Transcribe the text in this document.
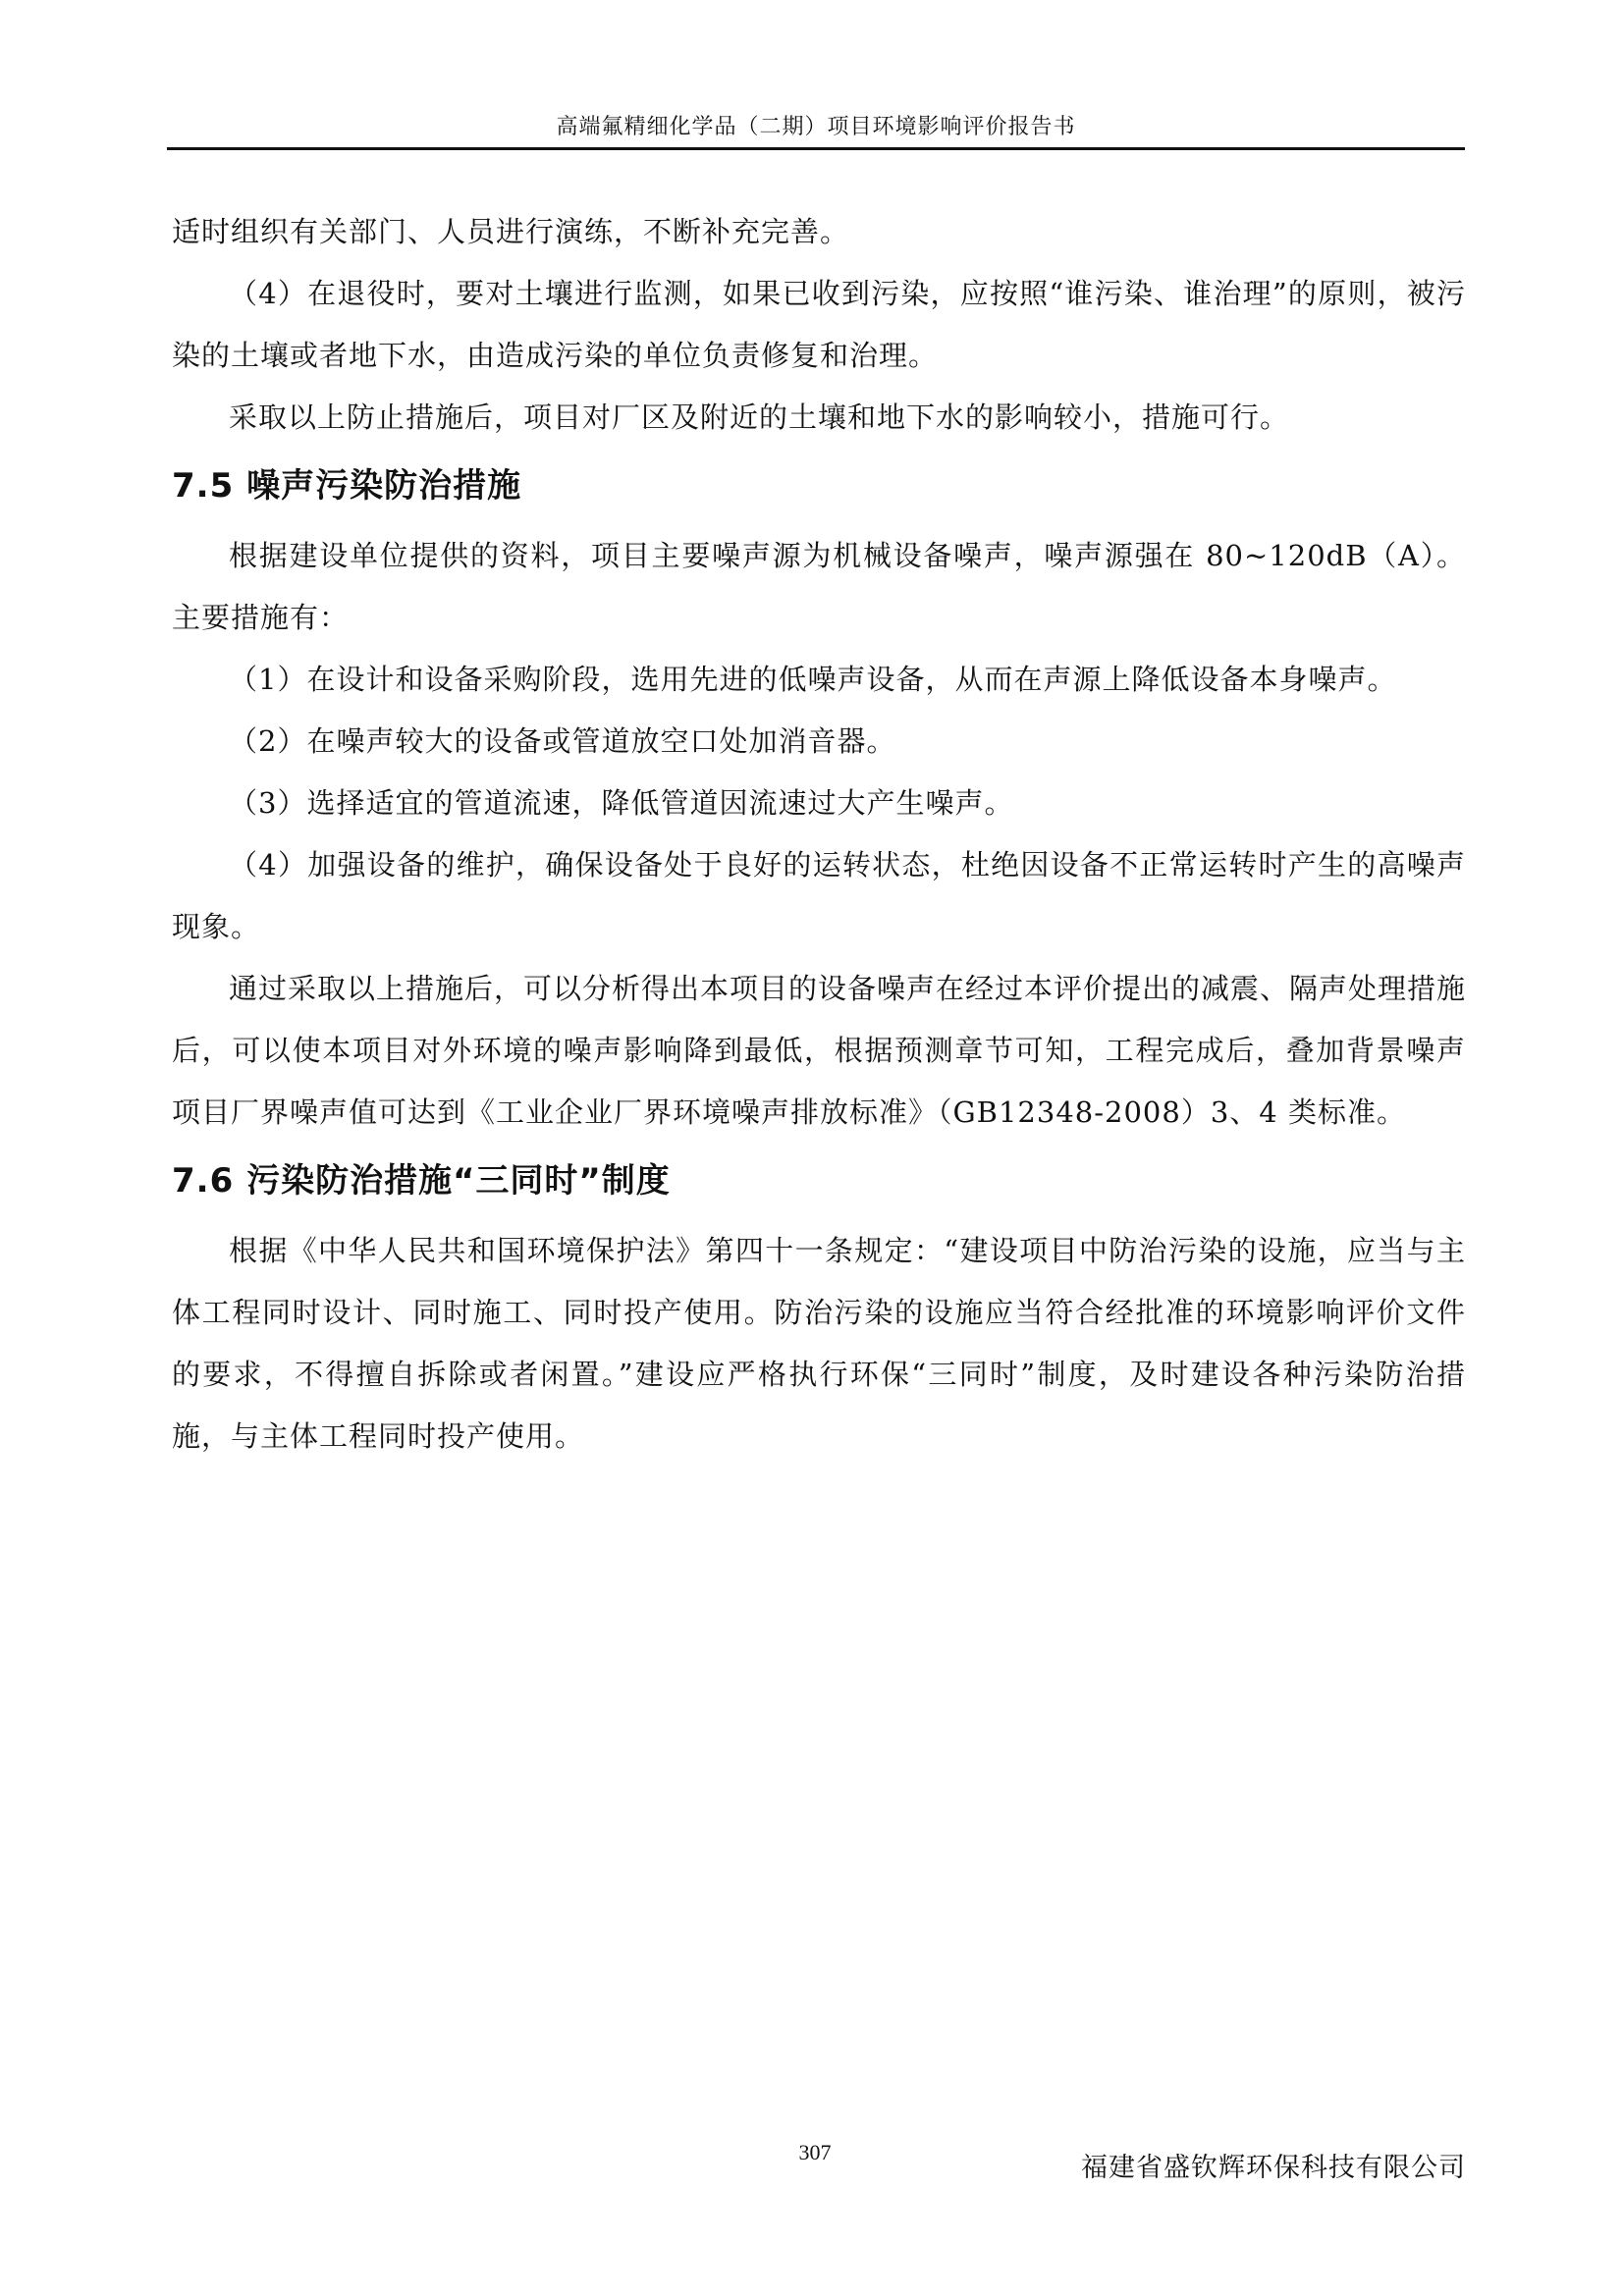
高端氟精细化学品（二期）项目环境影响评价报告书

适时组织有关部门、人员进行演练，不断补充完善。

（4）在退役时，要对土壤进行监测，如果已收到污染，应按照“谁污染、谁治理”的原则，被污染的土壤或者地下水，由造成污染的单位负责修复和治理。

采取以上防止措施后，项目对厂区及附近的土壤和地下水的影响较小，措施可行。

7.5 噪声污染防治措施

根据建设单位提供的资料，项目主要噪声源为机械设备噪声，噪声源强在 80~120dB（A）。主要措施有：

（1）在设计和设备采购阶段，选用先进的低噪声设备，从而在声源上降低设备本身噪声。

（2）在噪声较大的设备或管道放空口处加消音器。

（3）选择适宜的管道流速，降低管道因流速过大产生噪声。

（4）加强设备的维护，确保设备处于良好的运转状态，杜绝因设备不正常运转时产生的高噪声现象。

通过采取以上措施后，可以分析得出本项目的设备噪声在经过本评价提出的减震、隔声处理措施后，可以使本项目对外环境的噪声影响降到最低，根据预测章节可知，工程完成后，叠加背景噪声项目厂界噪声值可达到《工业企业厂界环境噪声排放标准》（GB12348-2008）3、4 类标准。

7.6 污染防治措施“三同时”制度

根据《中华人民共和国环境保护法》第四十一条规定：“建设项目中防治污染的设施，应当与主体工程同时设计、同时施工、同时投产使用。防治污染的设施应当符合经批准的环境影响评价文件的要求，不得擅自拆除或者闲置。”建设应严格执行环保“三同时”制度，及时建设各种污染防治措施，与主体工程同时投产使用。

307
福建省盛钦辉环保科技有限公司
